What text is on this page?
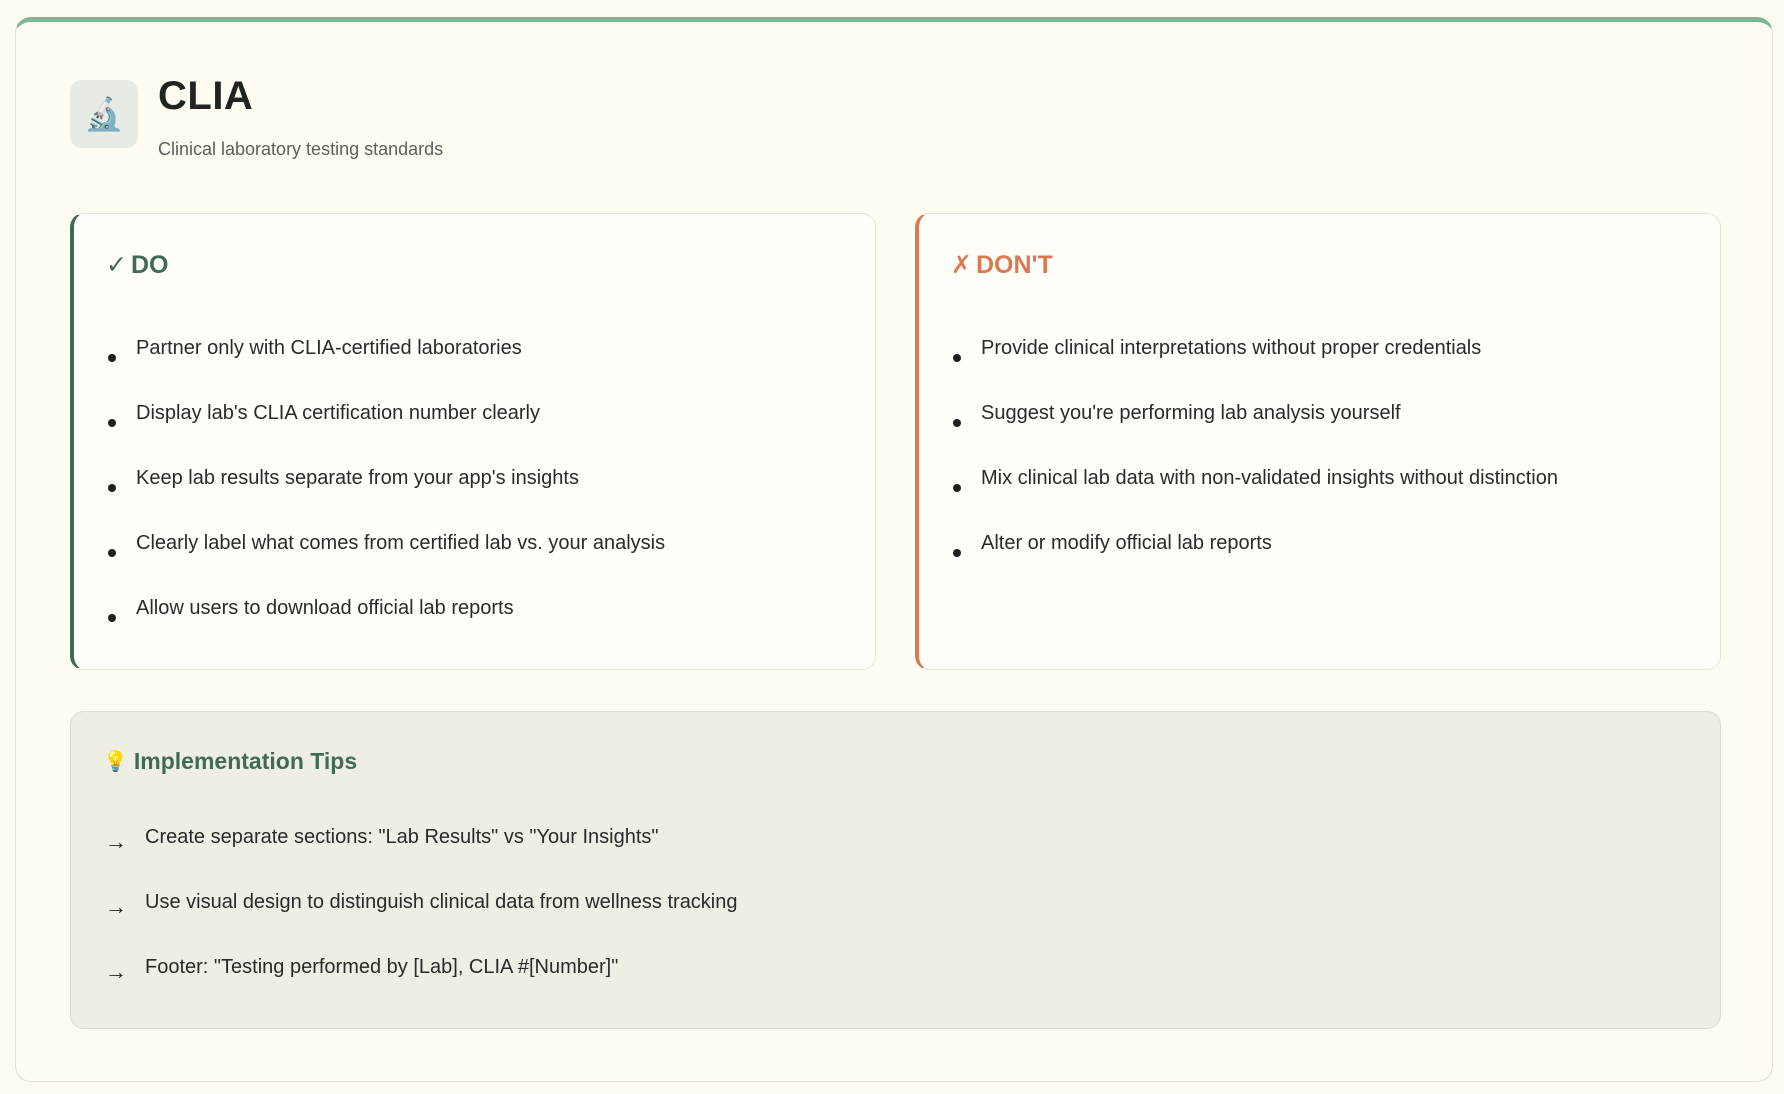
🔬 CLIA
Clinical laboratory testing standards
✓ DO
Partner only with CLIA-certified laboratories
Display lab's CLIA certification number clearly
Keep lab results separate from your app's insights
Clearly label what comes from certified lab vs. your analysis
Allow users to download official lab reports
✗ DON'T
Provide clinical interpretations without proper credentials
Suggest you're performing lab analysis yourself
Mix clinical lab data with non-validated insights without distinction
Alter or modify official lab reports
💡 Implementation Tips
→ Create separate sections: "Lab Results" vs "Your Insights"
→ Use visual design to distinguish clinical data from wellness tracking
→ Footer: "Testing performed by [Lab], CLIA #[Number]"
